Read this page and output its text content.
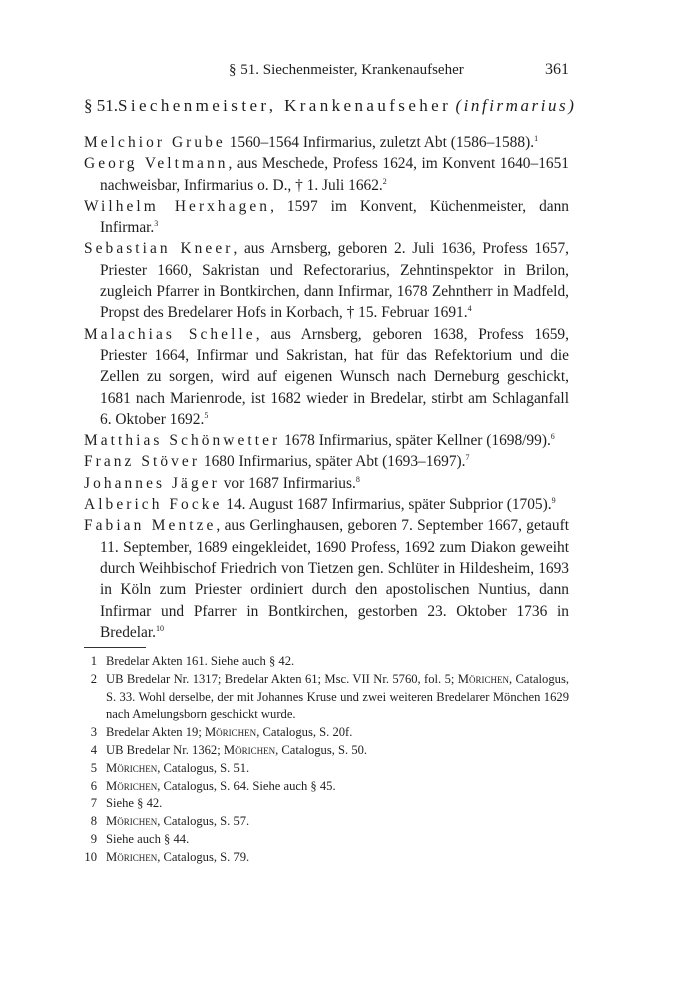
§ 51. Siechenmeister, Krankenaufseher	361
§ 51.Siechenmeister, Krankenaufseher (infirmarius)
Melchior Grube 1560–1564 Infirmarius, zuletzt Abt (1586–1588).$^1$
Georg Veltmann, aus Meschede, Profess 1624, im Konvent 1640–1651 nachweisbar, Infirmarius o. D., † 1. Juli 1662.$^2$
Wilhelm Herxhagen, 1597 im Konvent, Küchenmeister, dann Infirmar.$^3$
Sebastian Kneer, aus Arnsberg, geboren 2. Juli 1636, Profess 1657, Priester 1660, Sakristan und Refectorarius, Zehntinspektor in Brilon, zugleich Pfarrer in Bontkirchen, dann Infirmar, 1678 Zehntherr in Madfeld, Propst des Bredelarer Hofs in Korbach, † 15. Februar 1691.$^4$
Malachias Schelle, aus Arnsberg, geboren 1638, Profess 1659, Priester 1664, Infirmar und Sakristan, hat für das Refektorium und die Zellen zu sorgen, wird auf eigenen Wunsch nach Derneburg geschickt, 1681 nach Marienrode, ist 1682 wieder in Bredelar, stirbt am Schlaganfall 6. Oktober 1692.$^5$
Matthias Schönwetter 1678 Infirmarius, später Kellner (1698/99).$^6$
Franz Stöver 1680 Infirmarius, später Abt (1693–1697).$^7$
Johannes Jäger vor 1687 Infirmarius.$^8$
Alberich Focke 14. August 1687 Infirmarius, später Subprior (1705).$^9$
Fabian Mentze, aus Gerlinghausen, geboren 7. September 1667, getauft 11. September, 1689 eingekleidet, 1690 Profess, 1692 zum Diakon geweiht durch Weihbischof Friedrich von Tietzen gen. Schlüter in Hildesheim, 1693 in Köln zum Priester ordiniert durch den apostolischen Nuntius, dann Infirmar und Pfarrer in Bontkirchen, gestorben 23. Oktober 1736 in Bredelar.$^{10}$
1 Bredelar Akten 161. Siehe auch § 42.
2 UB Bredelar Nr. 1317; Bredelar Akten 61; Msc. VII Nr. 5760, fol. 5; Mörichen, Catalogus, S. 33. Wohl derselbe, der mit Johannes Kruse und zwei weiteren Bredelarer Mönchen 1629 nach Amelungsborn geschickt wurde.
3 Bredelar Akten 19; Mörichen, Catalogus, S. 20f.
4 UB Bredelar Nr. 1362; Mörichen, Catalogus, S. 50.
5 Mörichen, Catalogus, S. 51.
6 Mörichen, Catalogus, S. 64. Siehe auch § 45.
7 Siehe § 42.
8 Mörichen, Catalogus, S. 57.
9 Siehe auch § 44.
10 Mörichen, Catalogus, S. 79.
